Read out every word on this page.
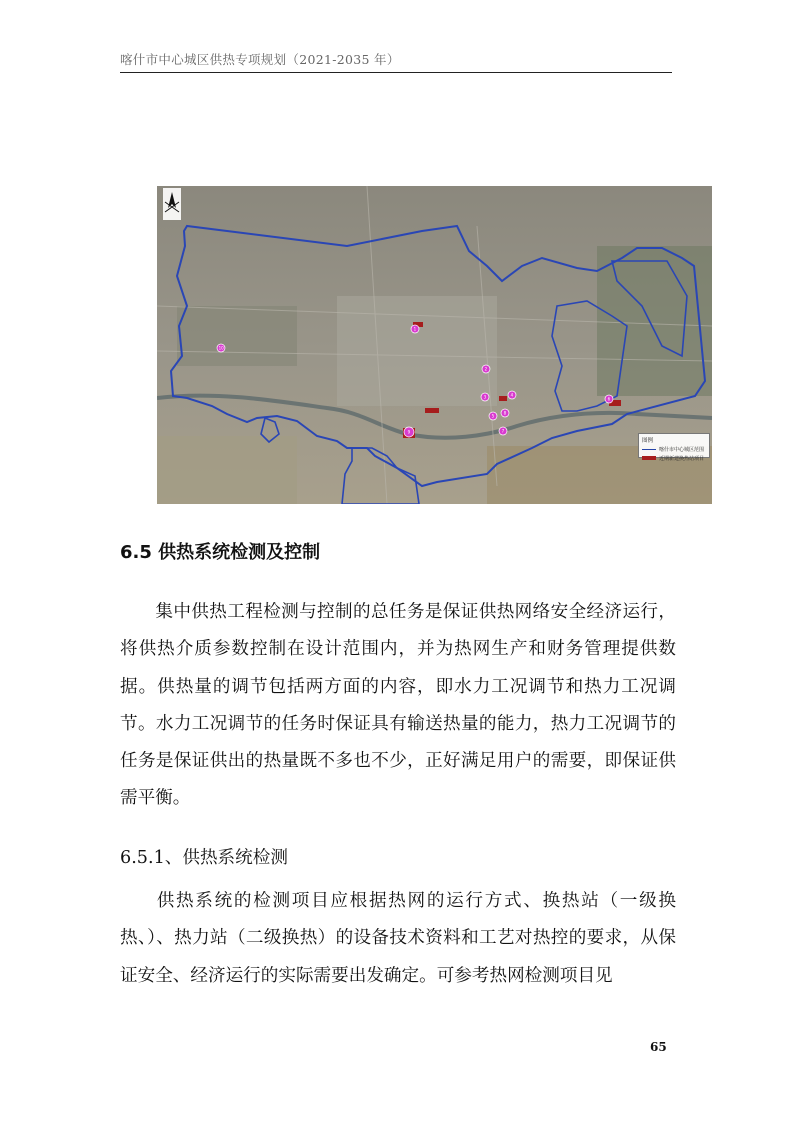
喀什市中心城区供热专项规划（2021-2035 年）
1
2
3	4
5
6
7
8
9
10
图例
喀什市中心城区范围
近期新建换热站项目
6.5 供热系统检测及控制
集中供热工程检测与控制的总任务是保证供热网络安全经济运行，将供热介质参数控制在设计范围内，并为热网生产和财务管理提供数据。供热量的调节包括两方面的内容，即水力工况调节和热力工况调节。水力工况调节的任务时保证具有输送热量的能力，热力工况调节的任务是保证供出的热量既不多也不少，正好满足用户的需要，即保证供需平衡。
6.5.1、供热系统检测
供热系统的检测项目应根据热网的运行方式、换热站（一级换热、）、热力站（二级换热）的设备技术资料和工艺对热控的要求，从保证安全、经济运行的实际需要出发确定。可参考热网检测项目见
65
